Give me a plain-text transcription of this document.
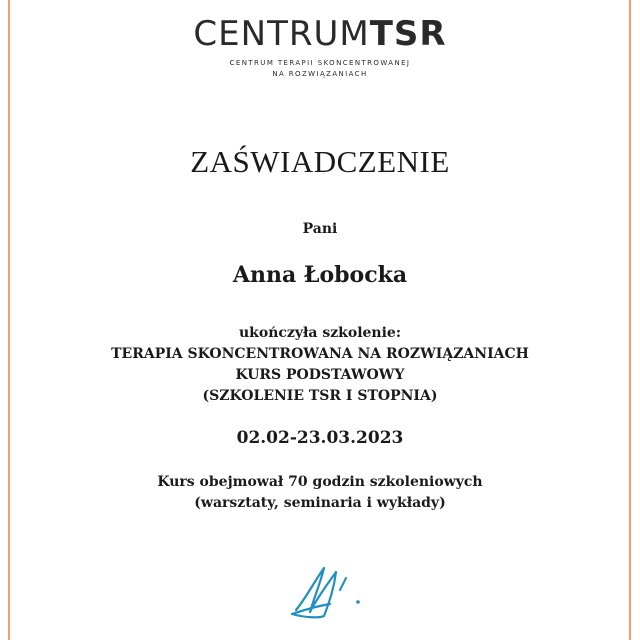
CENTRUMTSR
CENTRUM TERAPII SKONCENTROWANEJ
NA ROZWIĄZANIACH
ZAŚWIADCZENIE
Pani
Anna Łobocka
ukończyła szkolenie:
TERAPIA SKONCENTROWANA NA ROZWIĄZANIACH
KURS PODSTAWOWY
(SZKOLENIE TSR I STOPNIA)
02.02-23.03.2023
Kurs obejmował 70 godzin szkoleniowych
(warsztaty, seminaria i wykłady)
